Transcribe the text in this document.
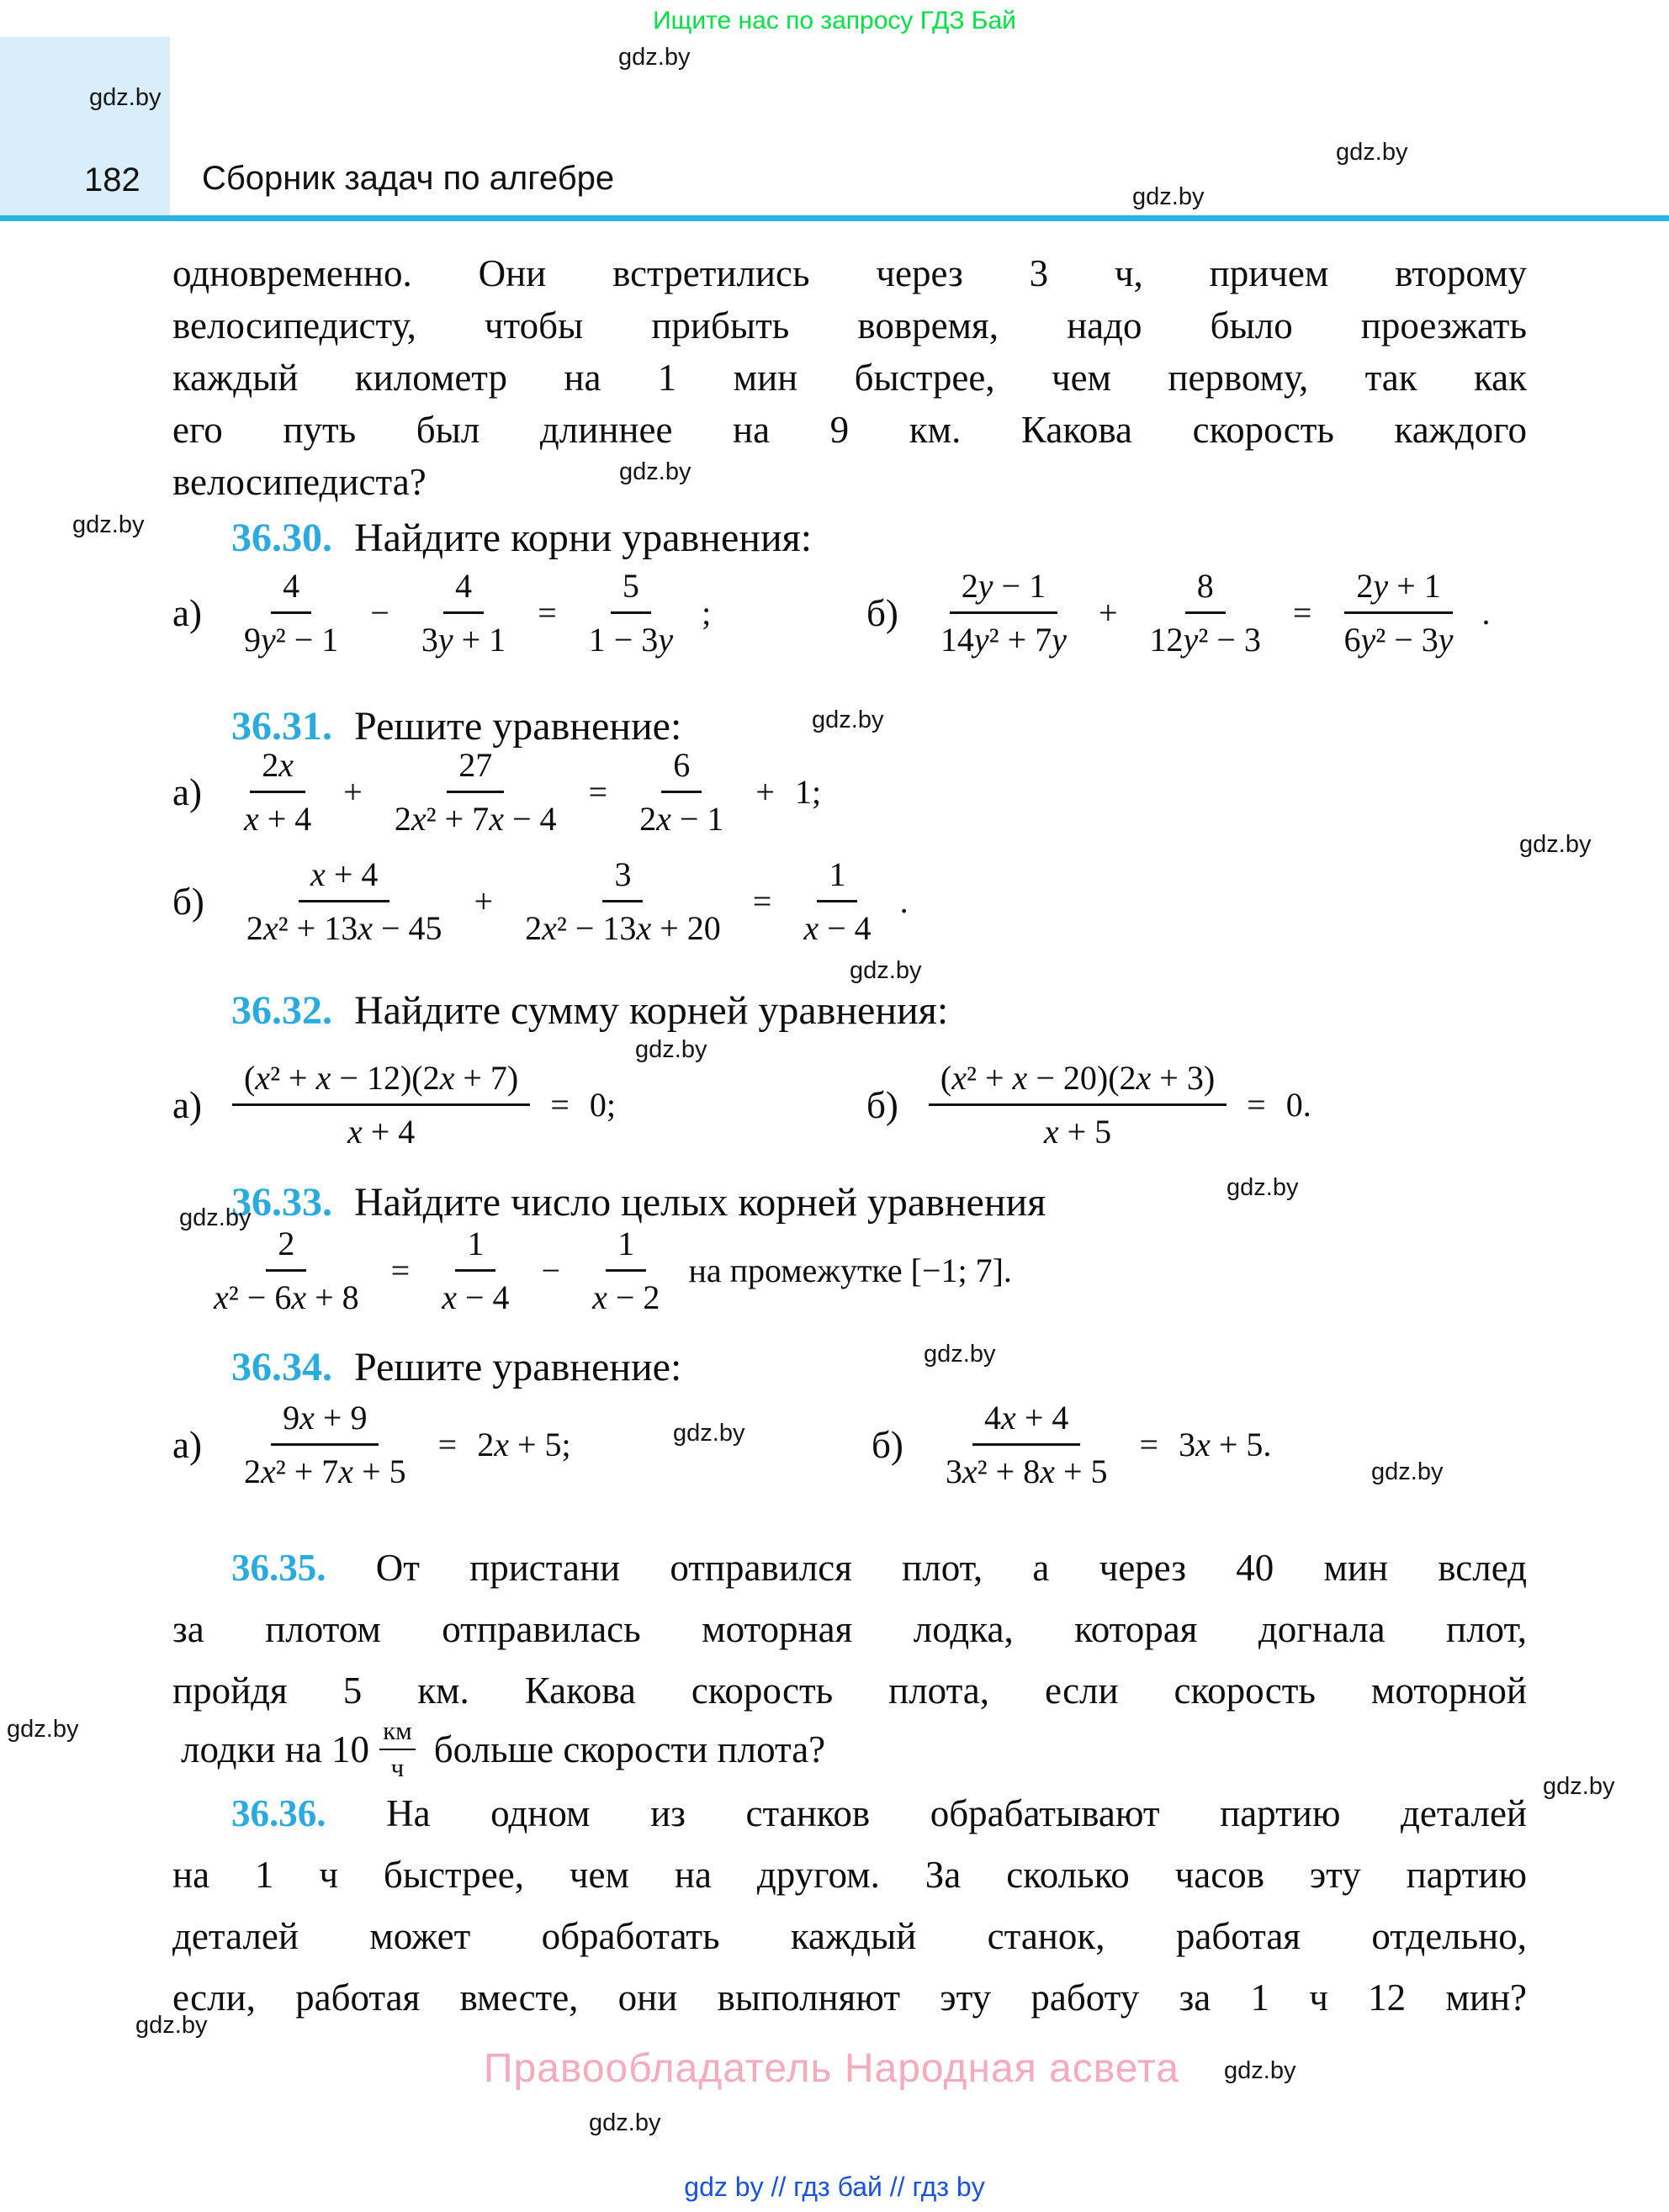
Ищите нас по запросу ГДЗ Бай
gdz.by
gdz.by
gdz.by
gdz.by
182 Сборник задач по алгебре
одновременно. Они встретились через 3 ч, причем второму
велосипедисту, чтобы прибыть вовремя, надо было проезжать
каждый километр на 1 мин быстрее, чем первому, так как
его путь был длиннее на 9 км. Какова скорость каждого
велосипедиста?	gdz.by
gdz.by 36.30. Найдите корни уравнения:
$а) \frac{4}{\text{9y² − 1}} - \frac{4}{3y + 1} = \frac{5}{1 - 3y}$ ;	$б) \frac{2y - 1}{\text{14y² + 7y}} + \frac{8}{\text{12y² − 3}} = \frac{2y + 1}{\text{6y² − 3y}}$ .
36.31. Решите уравнение:	gdz.by
$а) \frac{2x}{x + 4} + \frac{27}{\text{2x² + 7x − 4}} = \frac{6}{2x - 1} + 1$;
gdz.by
$б) \frac{x + 4}{\text{2x² + 13x − 45}} + \frac{3}{\text{2x² − 13x + 20}} = \frac{1}{x - 4}$ .
gdz.by
36.32. Найдите сумму корней уравнения:
gdz.by
$а) \frac{\text{(x² + x − 12)(2x + 7)}}{x + 4} = 0$;	$б) \frac{\text{(x² + x − 20)(2x + 3)}}{x + 5} = 0$.
gdz.by
36.33. Найдите число целых корней уравнения
gdz.by
$\frac{2}{\text{x² − 6x + 8}} = \frac{1}{x - 4} - \frac{1}{x - 2}$ на промежутке [−1; 7].
36.34. Решите уравнение:	gdz.by
$а) \frac{9x + 9}{\text{2x² + 7x + 5}} = 2x + 5$;	gdz.by	$б) \frac{4x + 4}{\text{3x² + 8x + 5}} = 3x + 5$.
gdz.by
36.35. От пристани отправился плот, а через 40 мин вслед
за плотом отправилась моторная лодка, которая догнала плот,
пройдя 5 км. Какова скорость плота, если скорость моторной
gdz.by	лодки на $10 \frac{км}{ч}$ больше скорости плота?
36.36. На одном из станков обрабатывают партию деталей
на 1 ч быстрее, чем на другом. За сколько часов эту партию
деталей может обработать каждый станок, работая отдельно,
если, работая вместе, они выполняют эту работу за 1 ч 12 мин?
gdz.by
gdz.by
Правообладатель Народная асвета gdz.by
gdz.by
gdz by // гдз бай // гдз by
